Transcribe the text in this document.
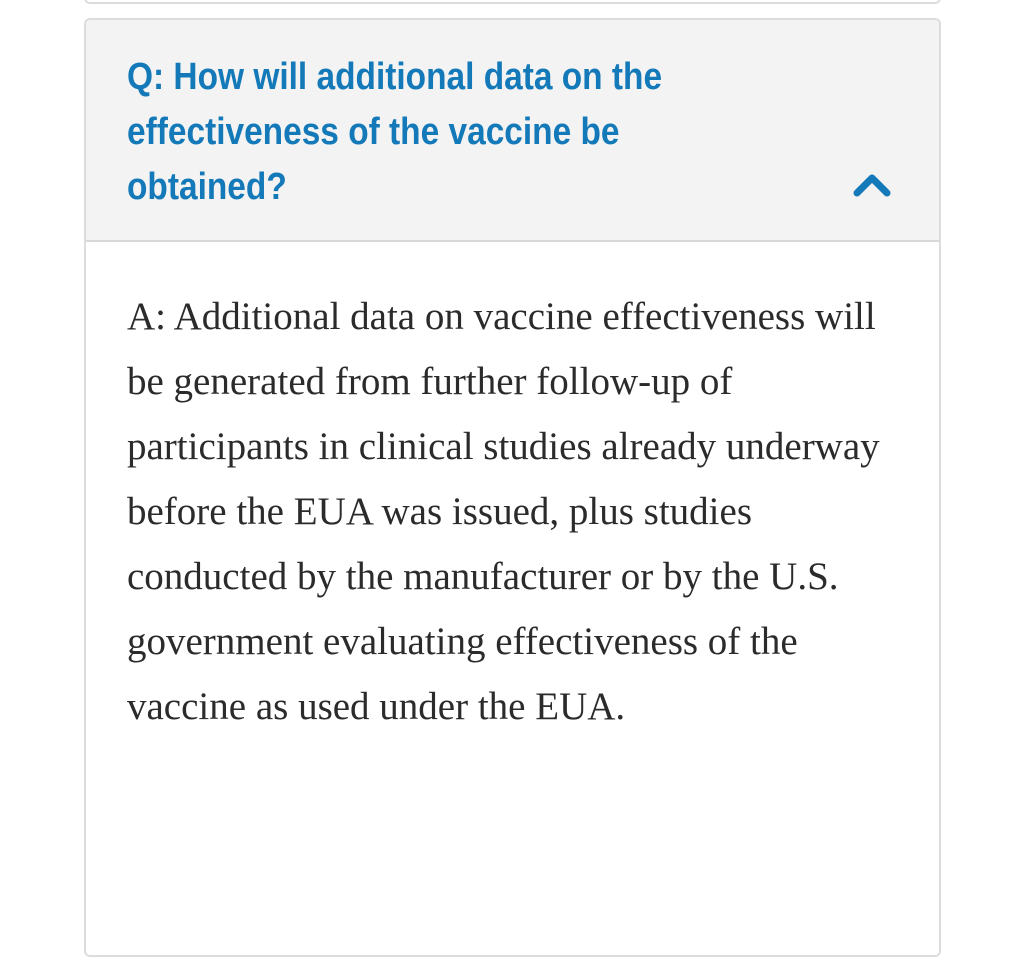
Q: How will additional data on the effectiveness of the vaccine be obtained?

A: Additional data on vaccine effectiveness will be generated from further follow-up of participants in clinical studies already underway before the EUA was issued, plus studies conducted by the manufacturer or by the U.S. government evaluating effectiveness of the vaccine as used under the EUA.
